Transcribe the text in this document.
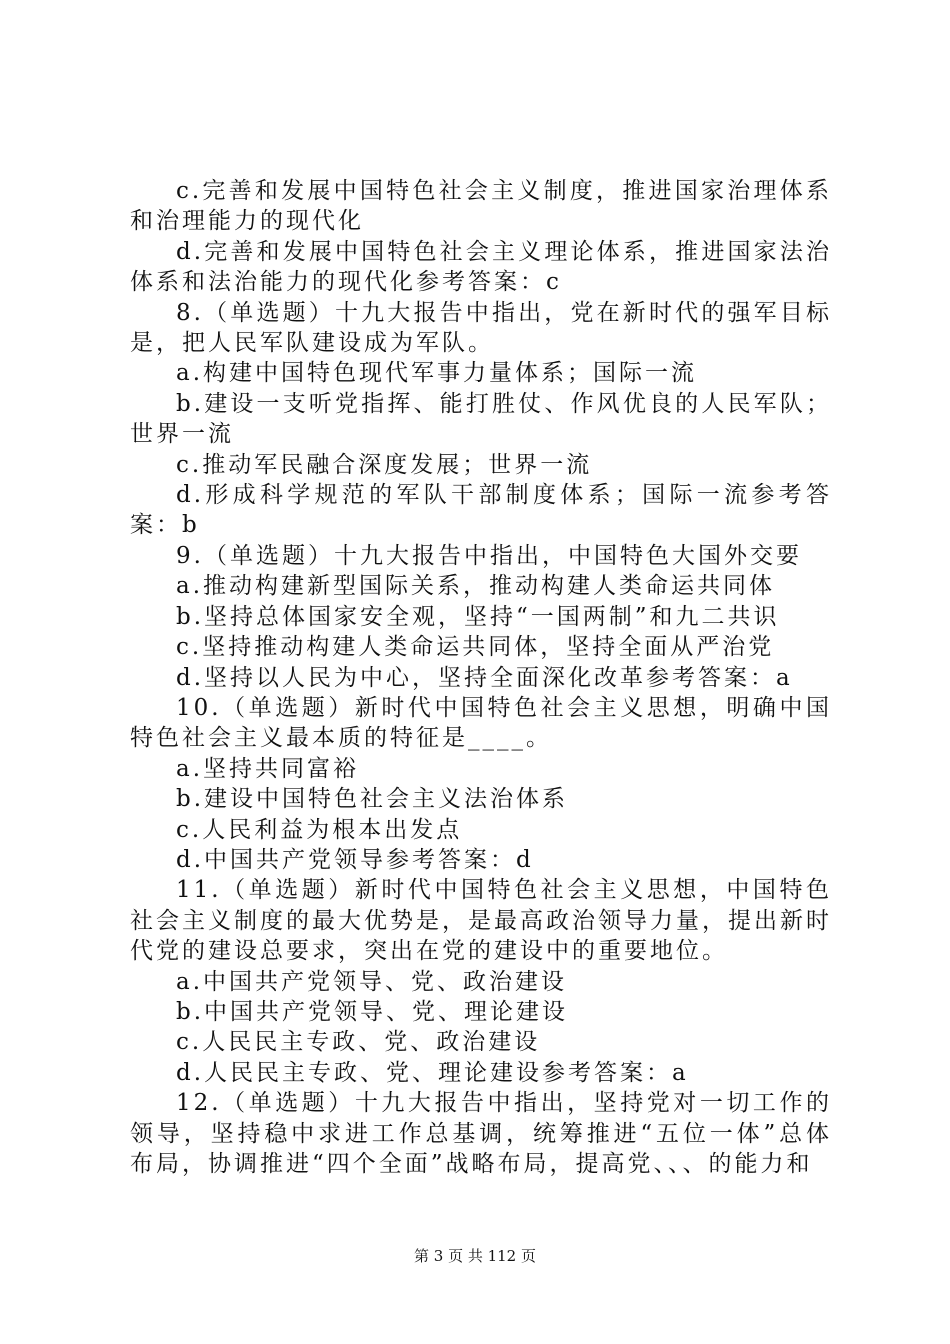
c.完善和发展中国特色社会主义制度，推进国家治理体系和治理能力的现代化

d.完善和发展中国特色社会主义理论体系，推进国家法治体系和法治能力的现代化参考答案：c

8.（单选题）十九大报告中指出，党在新时代的强军目标是，把人民军队建设成为军队。

a.构建中国特色现代军事力量体系；国际一流

b.建设一支听党指挥、能打胜仗、作风优良的人民军队；世界一流

c.推动军民融合深度发展；世界一流

d.形成科学规范的军队干部制度体系；国际一流参考答案：b

9.（单选题）十九大报告中指出，中国特色大国外交要

a.推动构建新型国际关系，推动构建人类命运共同体

b.坚持总体国家安全观，坚持“一国两制”和九二共识

c.坚持推动构建人类命运共同体，坚持全面从严治党

d.坚持以人民为中心，坚持全面深化改革参考答案：a

10.（单选题）新时代中国特色社会主义思想，明确中国特色社会主义最本质的特征是____。

a.坚持共同富裕

b.建设中国特色社会主义法治体系

c.人民利益为根本出发点

d.中国共产党领导参考答案：d

11.（单选题）新时代中国特色社会主义思想，中国特色社会主义制度的最大优势是，是最高政治领导力量，提出新时代党的建设总要求，突出在党的建设中的重要地位。

a.中国共产党领导、党、政治建设

b.中国共产党领导、党、理论建设

c.人民民主专政、党、政治建设

d.人民民主专政、党、理论建设参考答案：a

12.（单选题）十九大报告中指出，坚持党对一切工作的领导，坚持稳中求进工作总基调，统筹推进“五位一体”总体布局，协调推进“四个全面”战略布局，提高党、、、的能力和

第 3 页 共 112 页
